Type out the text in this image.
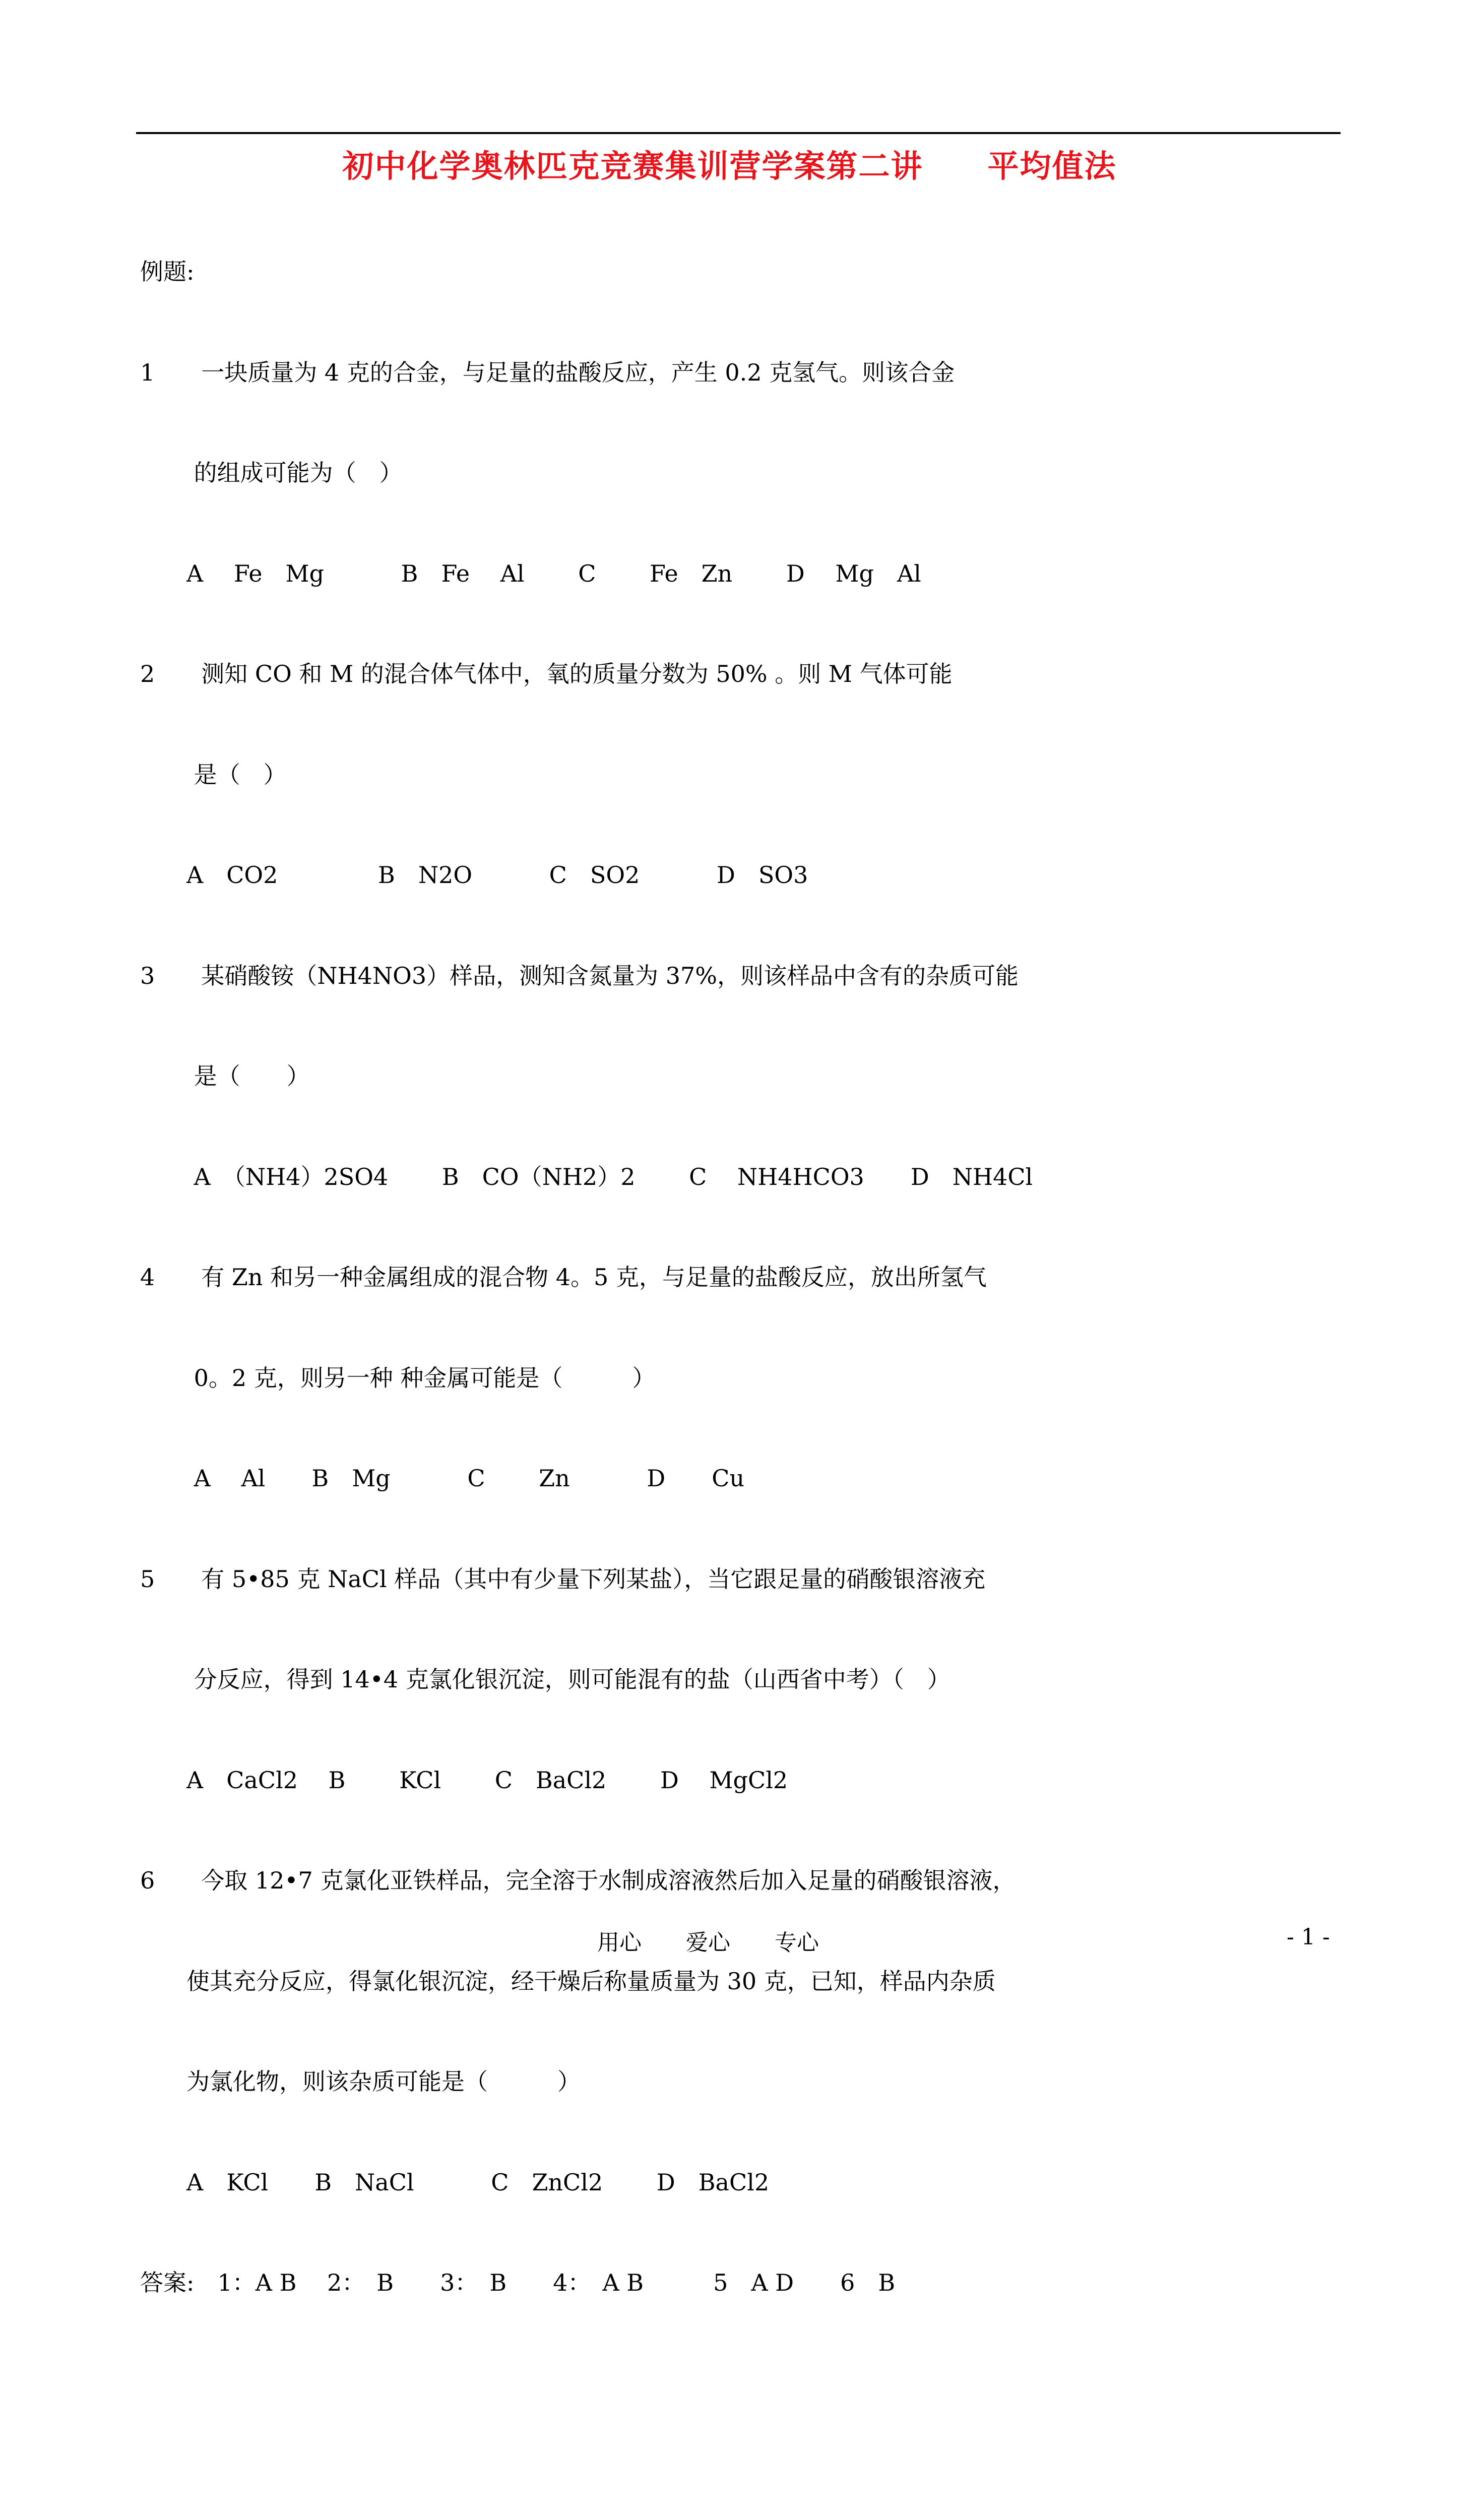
初中化学奥林匹克竞赛集训营学案第二讲　　平均值法

例题:

1　　一块质量为 4 克的合金，与足量的盐酸反应，产生 0.2 克氢气。则该合金

　　 的组成可能为（　）

　　A　 Fe　Mg　　　 B　Fe　 Al　　 C　　 Fe　Zn　　 D　 Mg　Al

2　　测知 CO 和 M 的混合体气体中，氧的质量分数为 50% 。则 M 气体可能

　　 是（　）

　　A　CO2　　　　 B　N2O　　　 C　SO2　　　 D　SO3

3　　某硝酸铵（NH4NO3）样品，测知含氮量为 37%，则该样品中含有的杂质可能

　　 是（　　）

　　 A　（NH4）2SO4　　 B　CO（NH2）2　　 C　 NH4HCO3　　D　NH4Cl

4　　有 Zn 和另一种金属组成的混合物 4。5 克，与足量的盐酸反应，放出所氢气

　　 0。2 克，则另一种 种金属可能是（　　　）

　　 A　 Al　　B　Mg　　　 C　　 Zn　　　 D　　Cu

5　　有 5•85 克 NaCl 样品（其中有少量下列某盐），当它跟足量的硝酸银溶液充

　　 分反应，得到 14•4 克氯化银沉淀，则可能混有的盐（山西省中考）（　）

　　A　CaCl2　 B　　 KCl　　 C　BaCl2　　 D　 MgCl2

6　　今取 12•7 克氯化亚铁样品，完全溶于水制成溶液然后加入足量的硝酸银溶液，

　　使其充分反应，得氯化银沉淀，经干燥后称量质量为 30 克，已知，样品内杂质

　　为氯化物，则该杂质可能是（　　　）

　　A　KCl　　B　NaCl　　　 C　ZnCl2　　 D　BaCl2

答案:　1：A B　 2：　B　　3：　B　　4：　A B　　　5　A D　　6　B

用心　　爱心　　专心

	- 1 -
